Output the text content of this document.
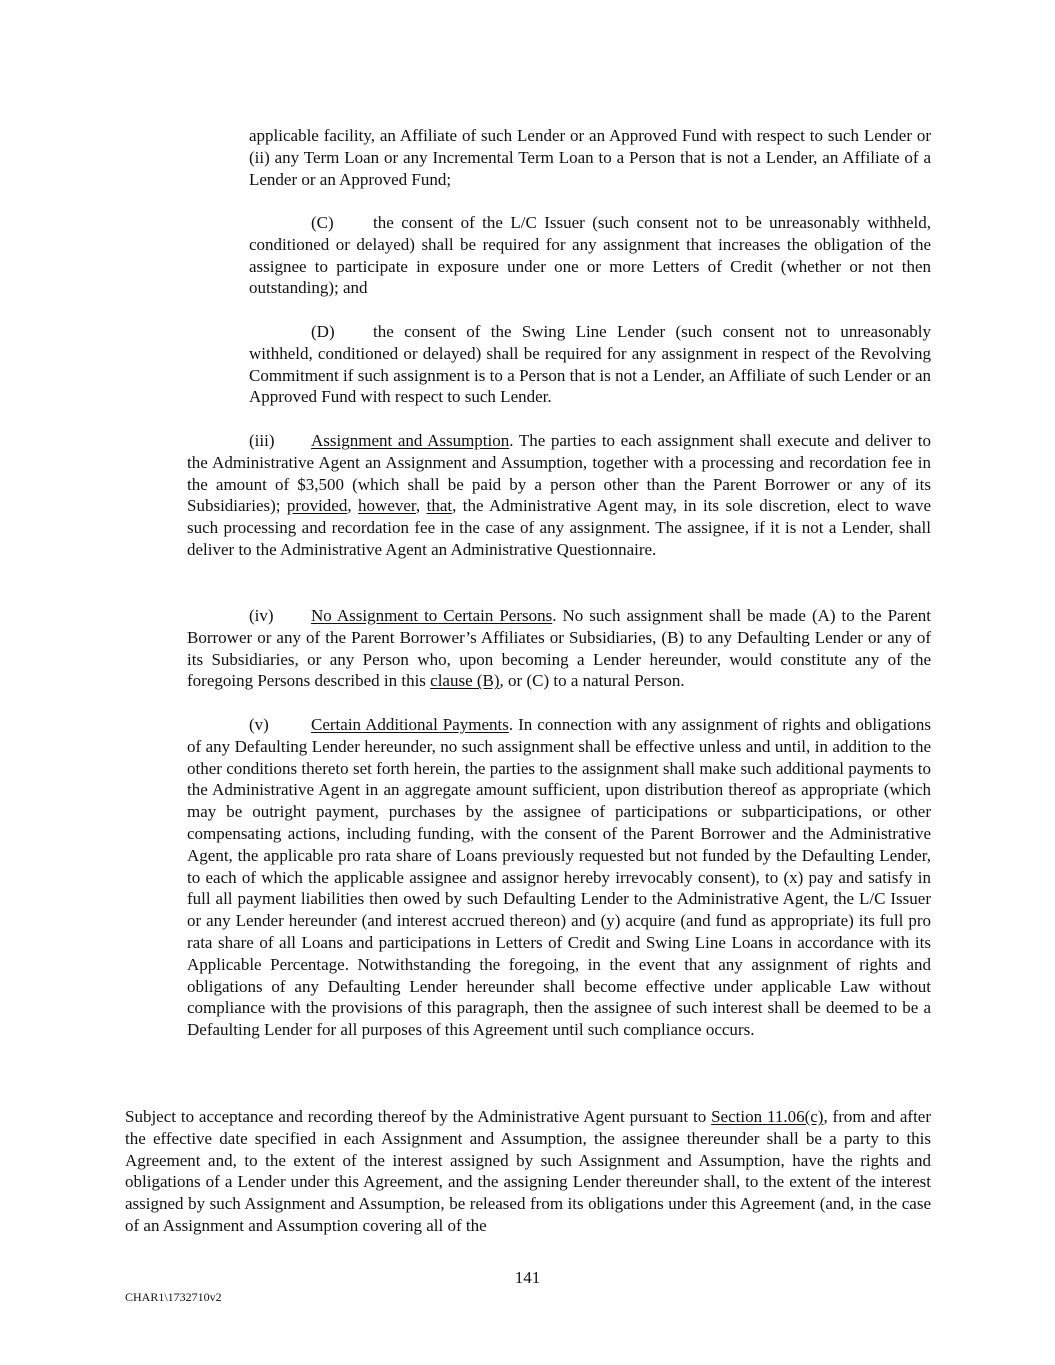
applicable facility, an Affiliate of such Lender or an Approved Fund with respect to such Lender or (ii) any Term Loan or any Incremental Term Loan to a Person that is not a Lender, an Affiliate of a Lender or an Approved Fund;

(C) the consent of the L/C Issuer (such consent not to be unreasonably withheld, conditioned or delayed) shall be required for any assignment that increases the obligation of the assignee to participate in exposure under one or more Letters of Credit (whether or not then outstanding); and

(D) the consent of the Swing Line Lender (such consent not to unreasonably withheld, conditioned or delayed) shall be required for any assignment in respect of the Revolving Commitment if such assignment is to a Person that is not a Lender, an Affiliate of such Lender or an Approved Fund with respect to such Lender.

(iii) Assignment and Assumption. The parties to each assignment shall execute and deliver to the Administrative Agent an Assignment and Assumption, together with a processing and recordation fee in the amount of $3,500 (which shall be paid by a person other than the Parent Borrower or any of its Subsidiaries); provided, however, that, the Administrative Agent may, in its sole discretion, elect to wave such processing and recordation fee in the case of any assignment. The assignee, if it is not a Lender, shall deliver to the Administrative Agent an Administrative Questionnaire.

(iv) No Assignment to Certain Persons. No such assignment shall be made (A) to the Parent Borrower or any of the Parent Borrower’s Affiliates or Subsidiaries, (B) to any Defaulting Lender or any of its Subsidiaries, or any Person who, upon becoming a Lender hereunder, would constitute any of the foregoing Persons described in this clause (B), or (C) to a natural Person.

(v) Certain Additional Payments. In connection with any assignment of rights and obligations of any Defaulting Lender hereunder, no such assignment shall be effective unless and until, in addition to the other conditions thereto set forth herein, the parties to the assignment shall make such additional payments to the Administrative Agent in an aggregate amount sufficient, upon distribution thereof as appropriate (which may be outright payment, purchases by the assignee of participations or subparticipations, or other compensating actions, including funding, with the consent of the Parent Borrower and the Administrative Agent, the applicable pro rata share of Loans previously requested but not funded by the Defaulting Lender, to each of which the applicable assignee and assignor hereby irrevocably consent), to (x) pay and satisfy in full all payment liabilities then owed by such Defaulting Lender to the Administrative Agent, the L/C Issuer or any Lender hereunder (and interest accrued thereon) and (y) acquire (and fund as appropriate) its full pro rata share of all Loans and participations in Letters of Credit and Swing Line Loans in accordance with its Applicable Percentage. Notwithstanding the foregoing, in the event that any assignment of rights and obligations of any Defaulting Lender hereunder shall become effective under applicable Law without compliance with the provisions of this paragraph, then the assignee of such interest shall be deemed to be a Defaulting Lender for all purposes of this Agreement until such compliance occurs.

Subject to acceptance and recording thereof by the Administrative Agent pursuant to Section 11.06(c), from and after the effective date specified in each Assignment and Assumption, the assignee thereunder shall be a party to this Agreement and, to the extent of the interest assigned by such Assignment and Assumption, have the rights and obligations of a Lender under this Agreement, and the assigning Lender thereunder shall, to the extent of the interest assigned by such Assignment and Assumption, be released from its obligations under this Agreement (and, in the case of an Assignment and Assumption covering all of the

141
CHAR1\1732710v2
